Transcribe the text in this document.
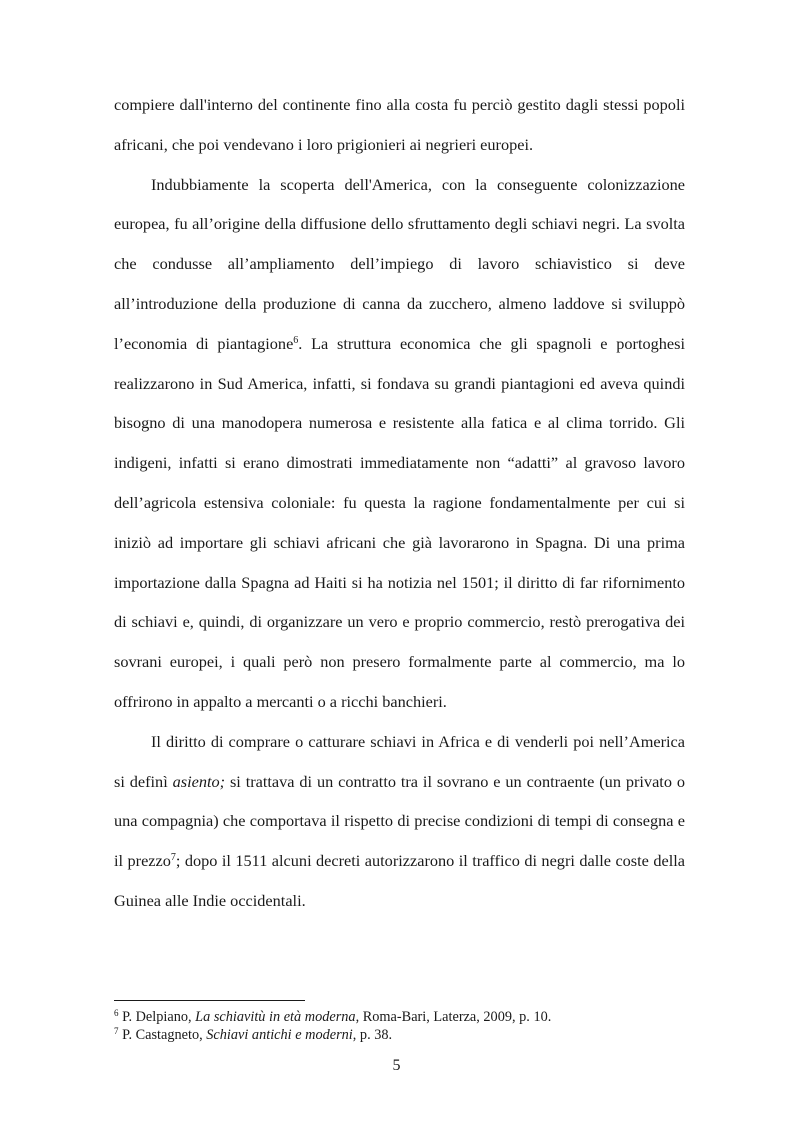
compiere dall'interno del continente fino alla costa fu perciò gestito dagli stessi popoli africani, che poi vendevano i loro prigionieri ai negrieri europei.

Indubbiamente la scoperta dell'America, con la conseguente colonizzazione europea, fu all’origine della diffusione dello sfruttamento degli schiavi negri. La svolta che condusse all’ampliamento dell’impiego di lavoro schiavistico si deve all’introduzione della produzione di canna da zucchero, almeno laddove si sviluppò l’economia di piantagione$^6$. La struttura economica che gli spagnoli e portoghesi realizzarono in Sud America, infatti, si fondava su grandi piantagioni ed aveva quindi bisogno di una manodopera numerosa e resistente alla fatica e al clima torrido. Gli indigeni, infatti si erano dimostrati immediatamente non “adatti” al gravoso lavoro dell’agricola estensiva coloniale: fu questa la ragione fondamentalmente per cui si iniziò ad importare gli schiavi africani che già lavorarono in Spagna. Di una prima importazione dalla Spagna ad Haiti si ha notizia nel 1501; il diritto di far rifornimento di schiavi e, quindi, di organizzare un vero e proprio commercio, restò prerogativa dei sovrani europei, i quali però non presero formalmente parte al commercio, ma lo offrirono in appalto a mercanti o a ricchi banchieri.

Il diritto di comprare o catturare schiavi in Africa e di venderli poi nell’America si definì asiento; si trattava di un contratto tra il sovrano e un contraente (un privato o una compagnia) che comportava il rispetto di precise condizioni di tempi di consegna e il prezzo$^7$; dopo il 1511 alcuni decreti autorizzarono il traffico di negri dalle coste della Guinea alle Indie occidentali.

$^6$ P. Delpiano, La schiavitù in età moderna, Roma-Bari, Laterza, 2009, p. 10.

$^7$ P. Castagneto, Schiavi antichi e moderni, p. 38.

5
